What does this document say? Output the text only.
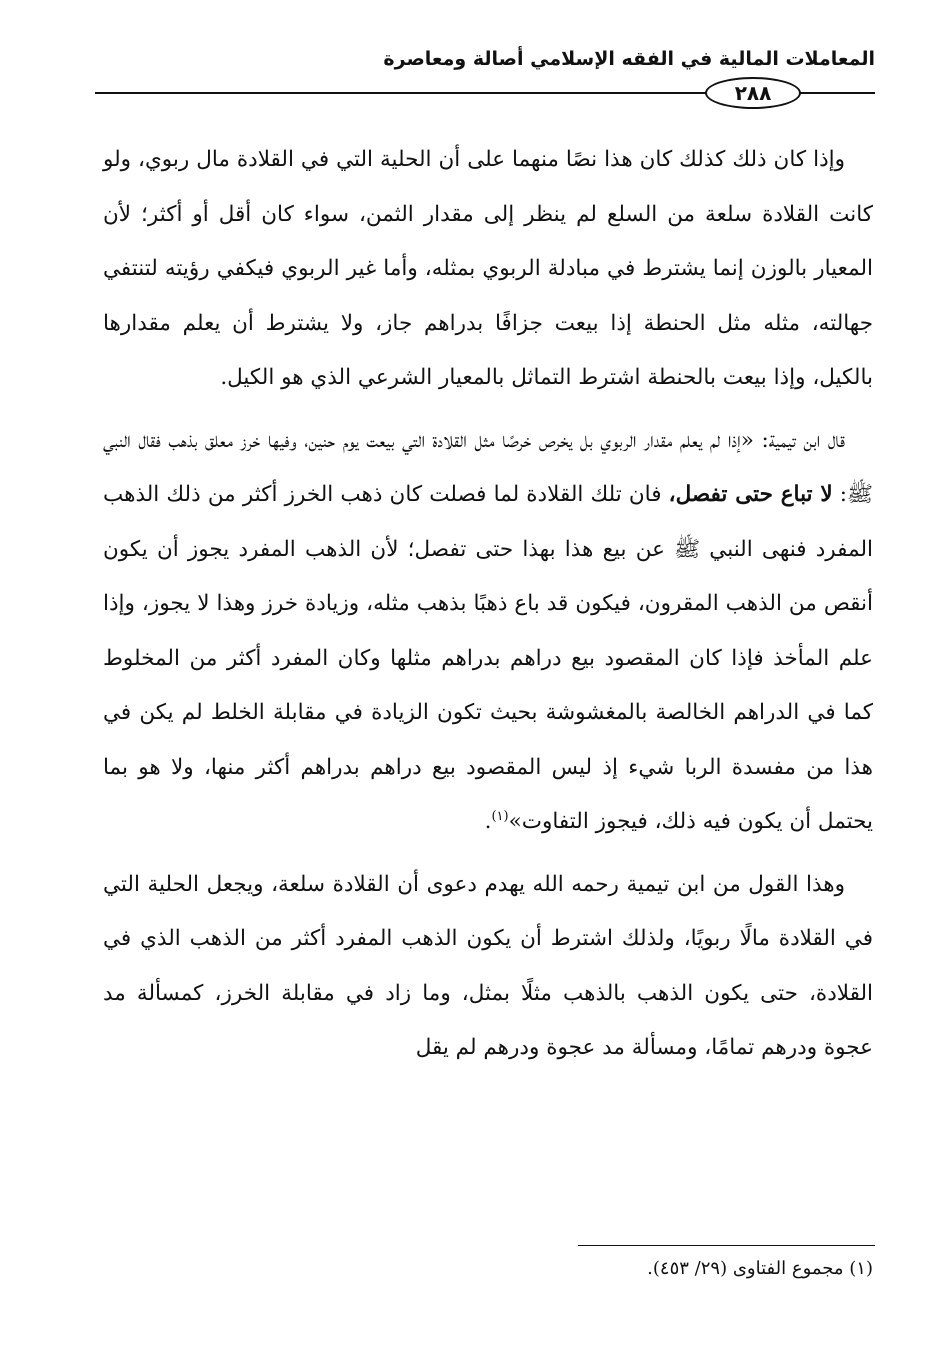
المعاملات المالية في الفقه الإسلامي أصالة ومعاصرة
٢٨٨

وإذا كان ذلك كذلك كان هذا نصًا منهما على أن الحلية التي في القلادة مال ربوي، ولو كانت القلادة سلعة من السلع لم ينظر إلى مقدار الثمن، سواء كان أقل أو أكثر؛ لأن المعيار بالوزن إنما يشترط في مبادلة الربوي بمثله، وأما غير الربوي فيكفي رؤيته لتنتفي جهالته، مثله مثل الحنطة إذا بيعت جزافًا بدراهم جاز، ولا يشترط أن يعلم مقدارها بالكيل، وإذا بيعت بالحنطة اشترط التماثل بالمعيار الشرعي الذي هو الكيل.

قال ابن تيمية: «إذا لم يعلم مقدار الربوي بل يخرص خرصًا مثل القلادة التي بيعت يوم حنين، وفيها خرز معلق بذهب فقال النبي ﷺ: لا تباع حتى تفصل، فان تلك القلادة لما فصلت كان ذهب الخرز أكثر من ذلك الذهب المفرد فنهى النبي ﷺ عن بيع هذا بهذا حتى تفصل؛ لأن الذهب المفرد يجوز أن يكون أنقص من الذهب المقرون، فيكون قد باع ذهبًا بذهب مثله، وزيادة خرز وهذا لا يجوز، وإذا علم المأخذ فإذا كان المقصود بيع دراهم بدراهم مثلها وكان المفرد أكثر من المخلوط كما في الدراهم الخالصة بالمغشوشة بحيث تكون الزيادة في مقابلة الخلط لم يكن في هذا من مفسدة الربا شيء إذ ليس المقصود بيع دراهم بدراهم أكثر منها، ولا هو بما يحتمل أن يكون فيه ذلك، فيجوز التفاوت»$^{(١)}$.

وهذا القول من ابن تيمية رحمه الله يهدم دعوى أن القلادة سلعة، ويجعل الحلية التي في القلادة مالًا ربويًا، ولذلك اشترط أن يكون الذهب المفرد أكثر من الذهب الذي في القلادة، حتى يكون الذهب بالذهب مثلًا بمثل، وما زاد في مقابلة الخرز، كمسألة مد عجوة ودرهم تمامًا، ومسألة مد عجوة ودرهم لم يقل

(١) مجموع الفتاوى (٢٩/ ٤٥٣).
